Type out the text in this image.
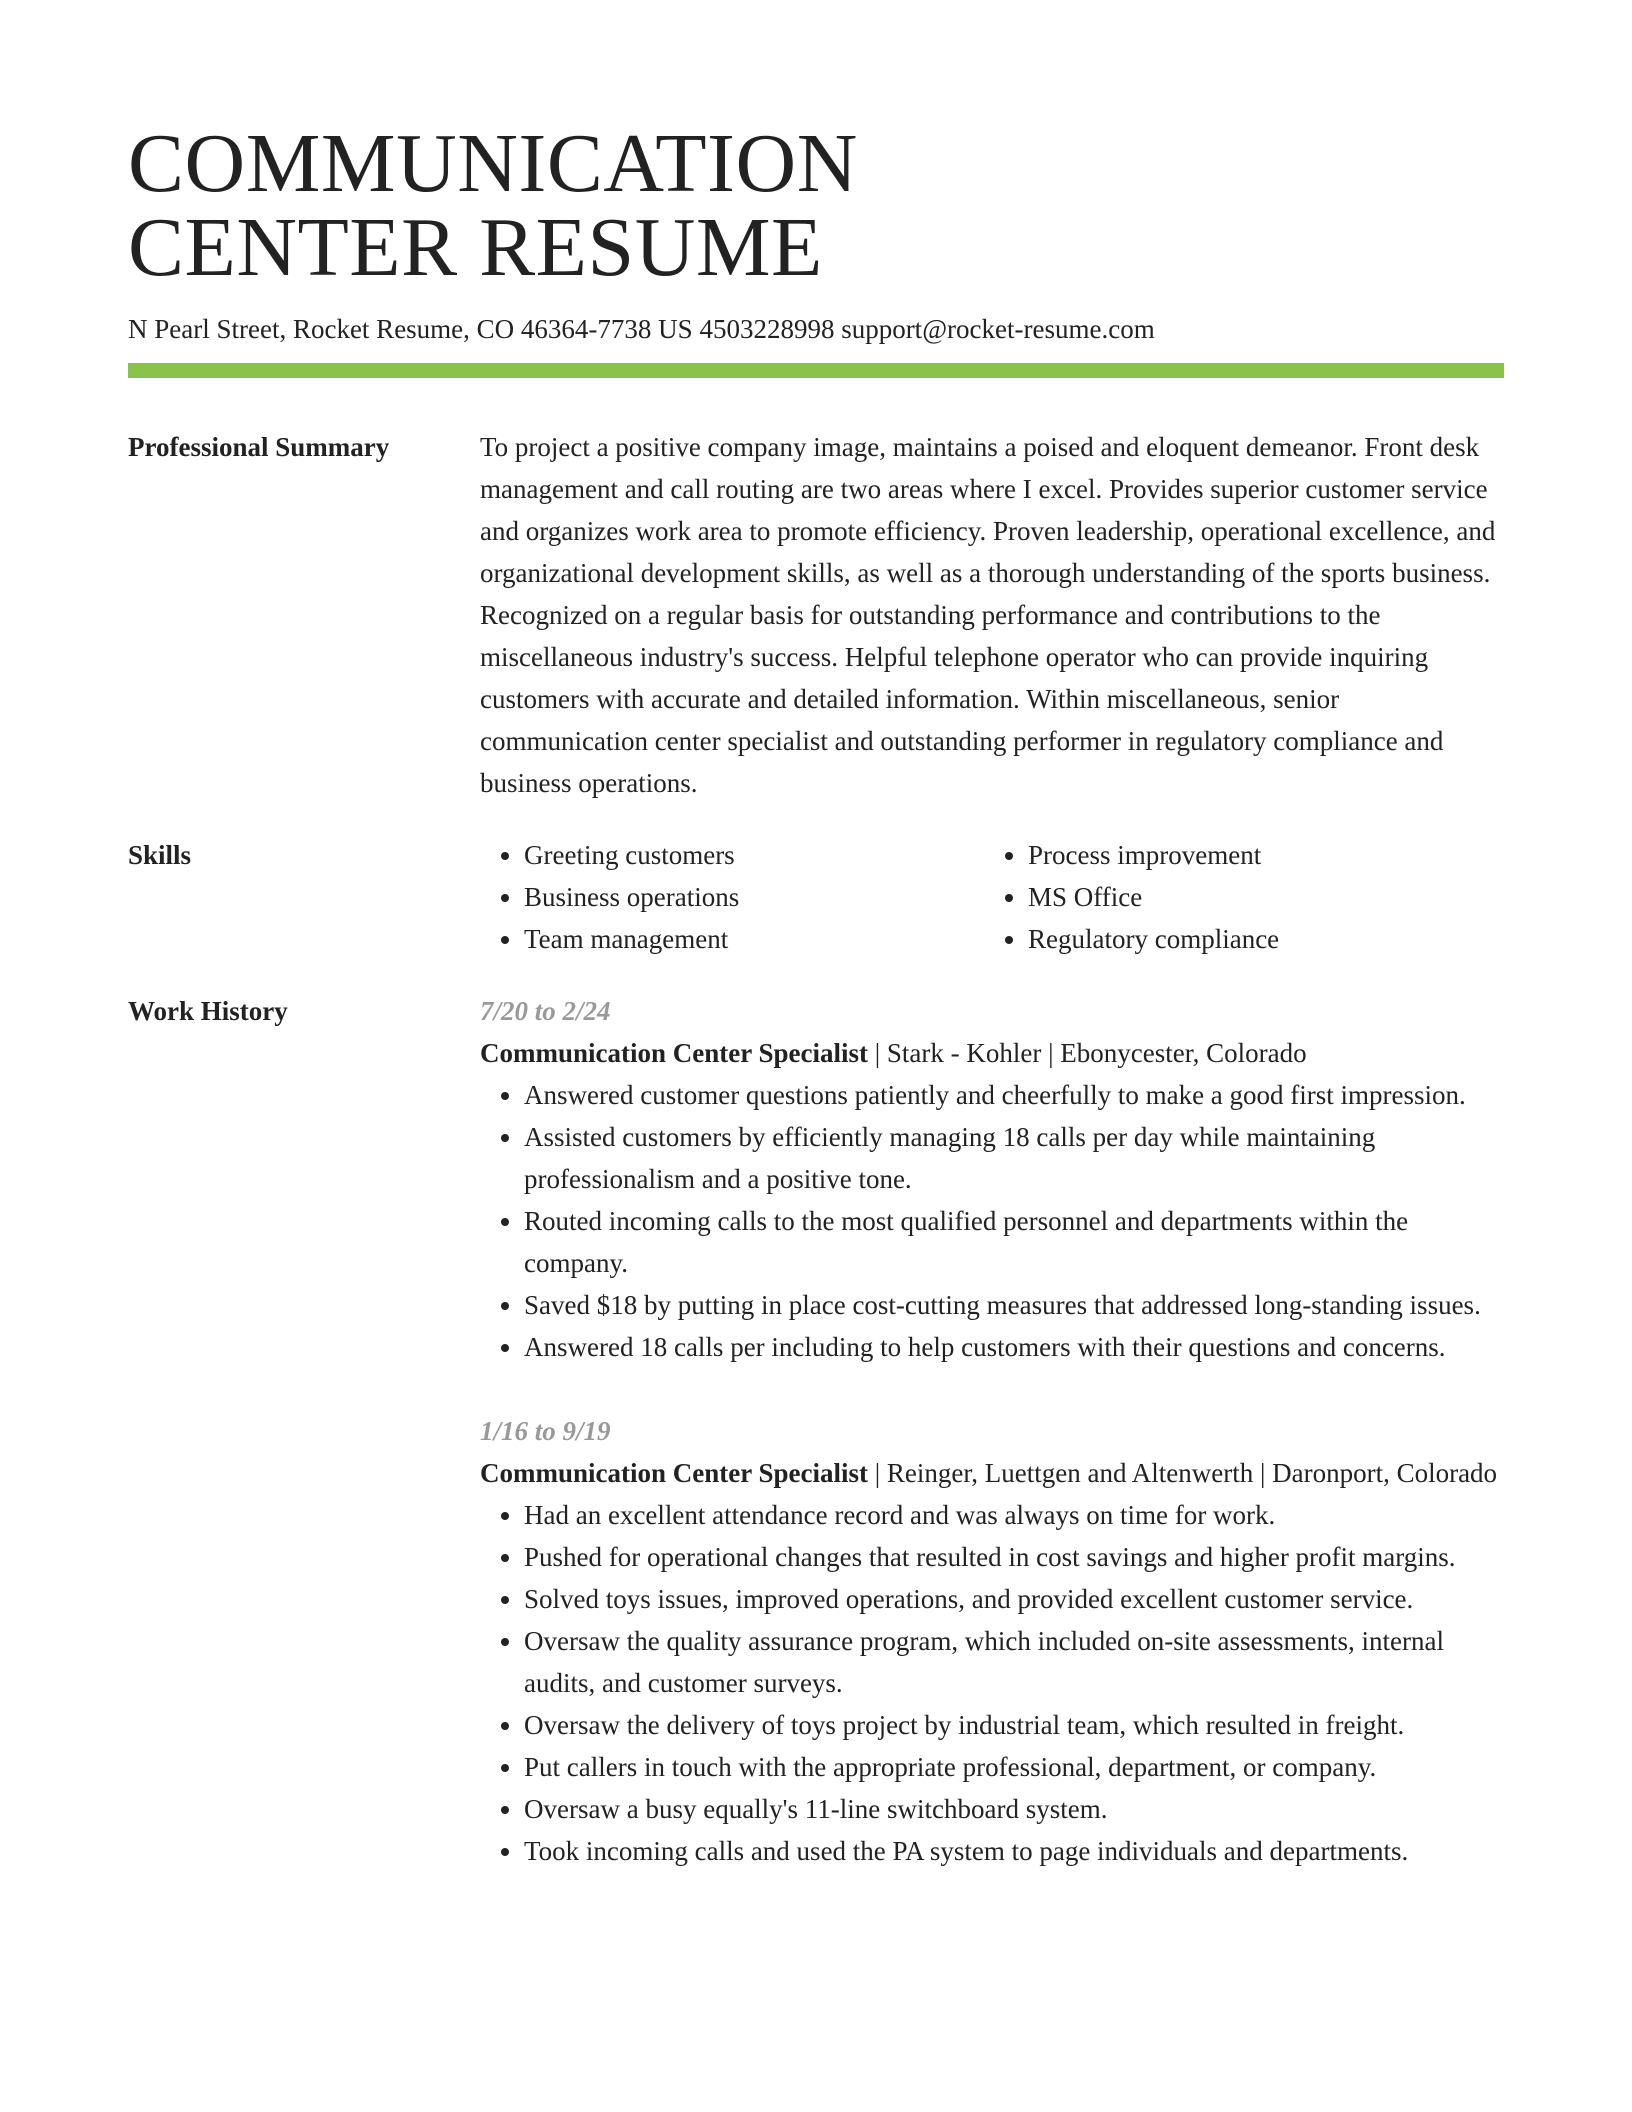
COMMUNICATION
CENTER RESUME
N Pearl Street, Rocket Resume, CO 46364-7738 US 4503228998 support@rocket-resume.com
Professional Summary	To project a positive company image, maintains a poised and eloquent demeanor. Front desk management and call routing are two areas where I excel. Provides superior customer service and organizes work area to promote efficiency. Proven leadership, operational excellence, and organizational development skills, as well as a thorough understanding of the sports business. Recognized on a regular basis for outstanding performance and contributions to the miscellaneous industry's success. Helpful telephone operator who can provide inquiring customers with accurate and detailed information. Within miscellaneous, senior communication center specialist and outstanding performer in regulatory compliance and business operations.
Skills
•	Greeting customers
• Business operations
• Team management
• Process improvement
• MS Office
• Regulatory compliance
Work History	7/20 to 2/24
Communication Center Specialist | Stark - Kohler | Ebonycester, Colorado
• Answered customer questions patiently and cheerfully to make a good first impression.
• Assisted customers by efficiently managing 18 calls per day while maintaining professionalism and a positive tone.
• Routed incoming calls to the most qualified personnel and departments within the company.
• Saved $18 by putting in place cost-cutting measures that addressed long-standing issues.
• Answered 18 calls per including to help customers with their questions and concerns.
1/16 to 9/19
Communication Center Specialist | Reinger, Luettgen and Altenwerth | Daronport, Colorado
• Had an excellent attendance record and was always on time for work.
• Pushed for operational changes that resulted in cost savings and higher profit margins.
• Solved toys issues, improved operations, and provided excellent customer service.
• Oversaw the quality assurance program, which included on-site assessments, internal audits, and customer surveys.
• Oversaw the delivery of toys project by industrial team, which resulted in freight.
• Put callers in touch with the appropriate professional, department, or company.
• Oversaw a busy equally's 11-line switchboard system.
• Took incoming calls and used the PA system to page individuals and departments.
